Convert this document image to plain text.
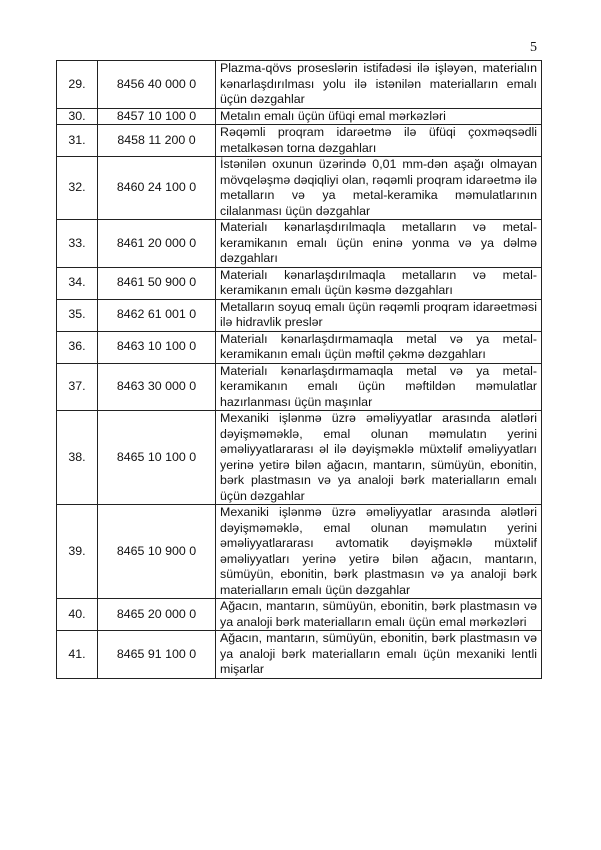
5
29.	8456 40 000 0	Plazma-qövs proseslərin istifadəsi ilə işləyən, materialın kənarlaşdırılması yolu ilə istənilən materialların emalı üçün dəzgahlar
30.	8457 10 100 0	Metalın emalı üçün üfüqi emal mərkəzləri
31.	8458 11 200 0	Rəqəmli proqram idarəetmə ilə üfüqi çoxməqsədli metalkəsən torna dəzgahları
32.	8460 24 100 0	İstənilən oxunun üzərində 0,01 mm-dən aşağı olmayan mövqeləşmə dəqiqliyi olan, rəqəmli proqram idarəetmə ilə metalların və ya metal-keramika məmulatlarının cilalanması üçün dəzgahlar
33.	8461 20 000 0	Materialı kənarlaşdırılmaqla metalların və metal-keramikanın emalı üçün eninə yonma və ya dəlmə dəzgahları
34.	8461 50 900 0	Materialı kənarlaşdırılmaqla metalların və metal-keramikanın emalı üçün kəsmə dəzgahları
35.	8462 61 001 0	Metalların soyuq emalı üçün rəqəmli proqram idarəetməsi ilə hidravlik preslər
36.	8463 10 100 0	Materialı kənarlaşdırmamaqla metal və ya metal-keramikanın emalı üçün məftil çəkmə dəzgahları
37.	8463 30 000 0	Materialı kənarlaşdırmamaqla metal və ya metal-keramikanın emalı üçün məftildən məmulatlar hazırlanması üçün maşınlar
38.	8465 10 100 0	Mexaniki işlənmə üzrə əməliyyatlar arasında alətləri dəyişməməklə, emal olunan məmulatın yerini əməliyyatlararası əl ilə dəyişməklə müxtəlif əməliyyatları yerinə yetirə bilən ağacın, mantarın, sümüyün, ebonitin, bərk plastmasın və ya analoji bərk materialların emalı üçün dəzgahlar
39.	8465 10 900 0	Mexaniki işlənmə üzrə əməliyyatlar arasında alətləri dəyişməməklə, emal olunan məmulatın yerini əməliyyatlararası avtomatik dəyişməklə müxtəlif əməliyyatları yerinə yetirə bilən ağacın, mantarın, sümüyün, ebonitin, bərk plastmasın və ya analoji bərk materialların emalı üçün dəzgahlar
40.	8465 20 000 0	Ağacın, mantarın, sümüyün, ebonitin, bərk plastmasın və ya analoji bərk materialların emalı üçün emal mərkəzləri
41.	8465 91 100 0	Ağacın, mantarın, sümüyün, ebonitin, bərk plastmasın və ya analoji bərk materialların emalı üçün mexaniki lentli mişarlar
